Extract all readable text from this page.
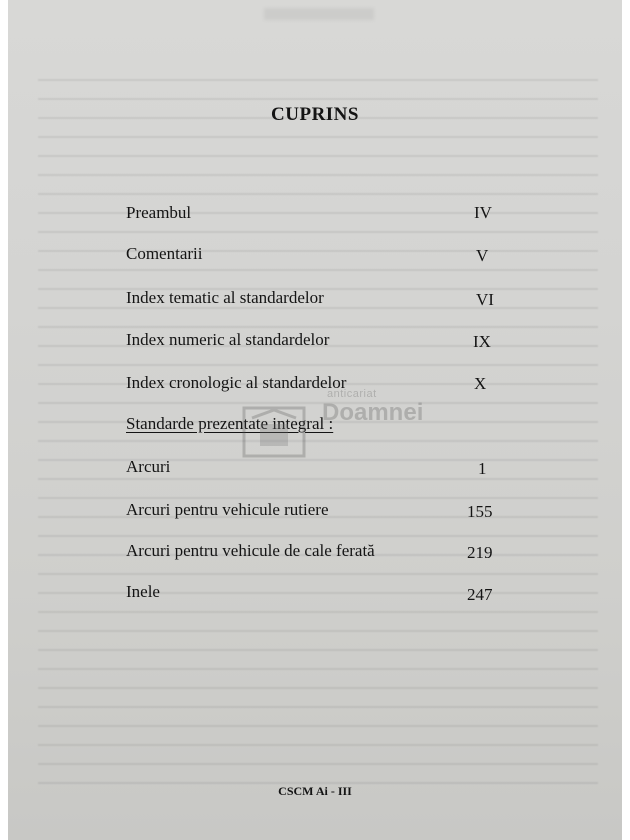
CUPRINS
Preambul	IV
Comentarii	V
Index tematic al standardelor	VI
Index numeric al standardelor	IX
Index cronologic al standardelor	X
Standarde prezentate integral :
Arcuri	1
Arcuri pentru vehicule rutiere	155
Arcuri pentru vehicule de cale ferată	219
Inele	247
anticariat
Doamnei
CSCM Ai - III
